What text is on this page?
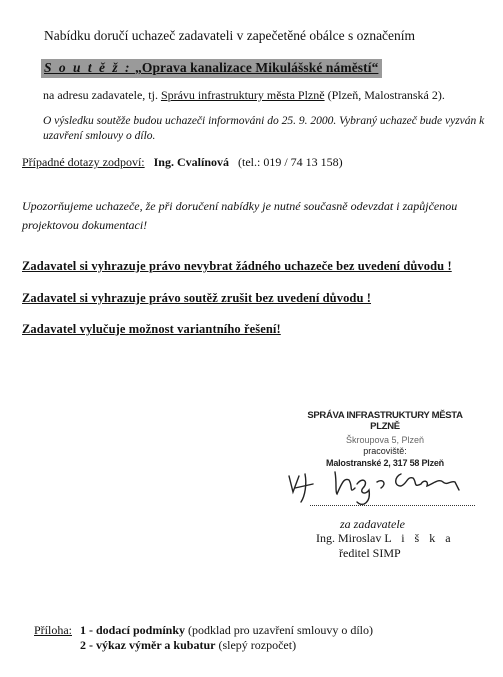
Nabídku doručí uchazeč zadavateli v zapečetěné obálce s označením
S o u t ě ž : „Oprava kanalizace Mikulášské náměstí“
na adresu zadavatele, tj. Správu infrastruktury města Plzně (Plzeň, Malostranská 2).
O výsledku soutěže budou uchazeči informováni do 25. 9. 2000. Vybraný uchazeč bude vyzván k uzavření smlouvy o dílo.
Případné dotazy zodpoví: Ing. Cvalínová (tel.: 019 / 74 13 158)
Upozorňujeme uchazeče, že při doručení nabídky je nutné současně odevzdat i zapůjčenou projektovou dokumentaci!
Zadavatel si vyhrazuje právo nevybrat žádného uchazeče bez uvedení důvodu !
Zadavatel si vyhrazuje právo soutěž zrušit bez uvedení důvodu !
Zadavatel vylučuje možnost variantního řešení!
SPRÁVA INFRASTRUKTURY MĚSTA PLZNĚ
Škroupova 5, Plzeň
pracoviště:
Malostranské 2, 317 58 Plzeň
za zadavatele
Ing. Miroslav L i š k a
ředitel SIMP
Příloha: 1 - dodací podmínky (podklad pro uzavření smlouvy o dílo)
2 - výkaz výměr a kubatur (slepý rozpočet)
